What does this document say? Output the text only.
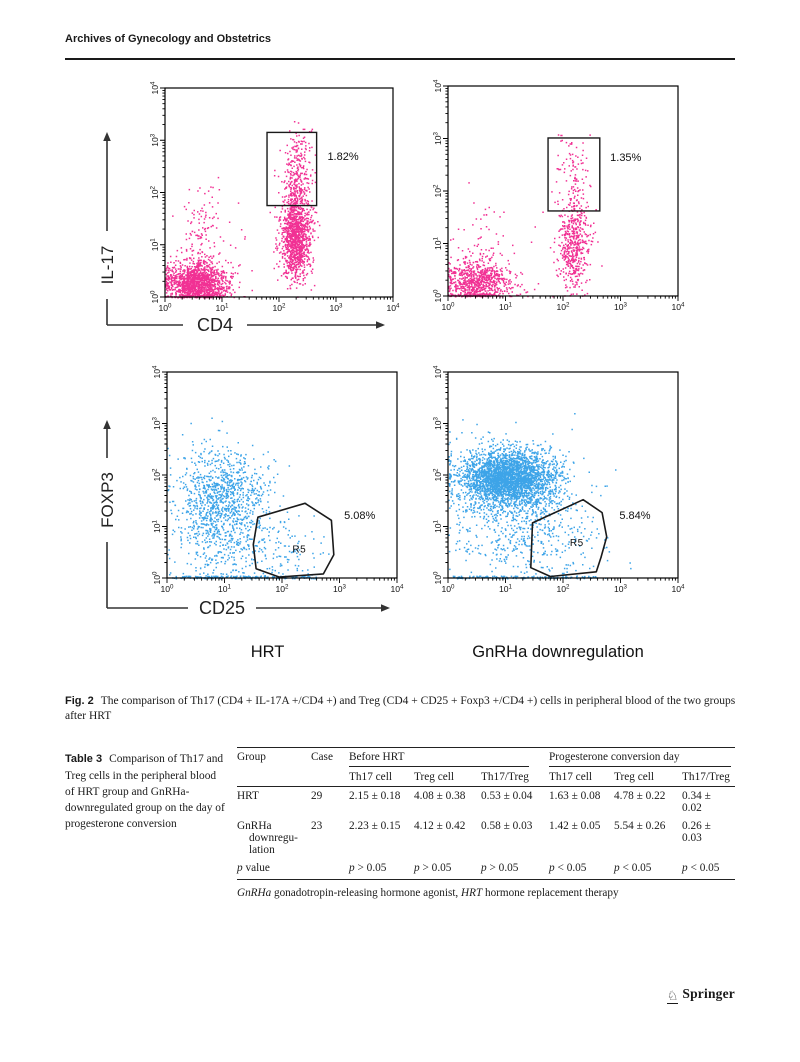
Archives of Gynecology and Obstetrics
$10^0$
$10^1$
$10^2$
$10^3$
$10^4$
$10^0$	$10^1$	$10^2$	$10^3$	$10^4$
1.82%
IL-17
CD4
$10^0$
$10^1$
$10^2$
$10^3$
$10^4$
$10^0$	$10^1$	$10^2$	$10^3$	$10^4$
1.35%
$10^0$
$10^1$
$10^2$
$10^3$
$10^4$
$10^0$	$10^1$	$10^2$	$10^3$	$10^4$
R5
5.08%
FOXP3
CD25
$10^0$
$10^1$
$10^2$
$10^3$
$10^4$
$10^0$	$10^1$	$10^2$	$10^3$	$10^4$
R5
5.84%
HRT	GnRHa downregulation
Fig. 2 The comparison of Th17 (CD4 + IL-17A +/CD4 +) and Treg (CD4 + CD25 + Foxp3 +/CD4 +) cells in peripheral blood of the two groups after HRT
Table 3 Comparison of Th17 and Treg cells in the peripheral blood of HRT group and GnRHa-downregulated group on the day of progesterone conversion
Group	Case	Before HRT			Progesterone conversion day		

		Th17 cell	Treg cell	Th17/Treg	Th17 cell	Treg cell	Th17/Treg
HRT	29	2.15 ± 0.18	4.08 ± 0.38	0.53 ± 0.04	1.63 ± 0.08	4.78 ± 0.22	0.34 ± 0.02
GnRHa downregu- lation	23	2.23 ± 0.15	4.12 ± 0.42	0.58 ± 0.03	1.42 ± 0.05	5.54 ± 0.26	0.26 ± 0.03
p value		p > 0.05	p > 0.05	p > 0.05	p < 0.05	p < 0.05	p < 0.05
GnRHa gonadotropin-releasing hormone agonist, HRT hormone replacement therapy
♘ Springer
